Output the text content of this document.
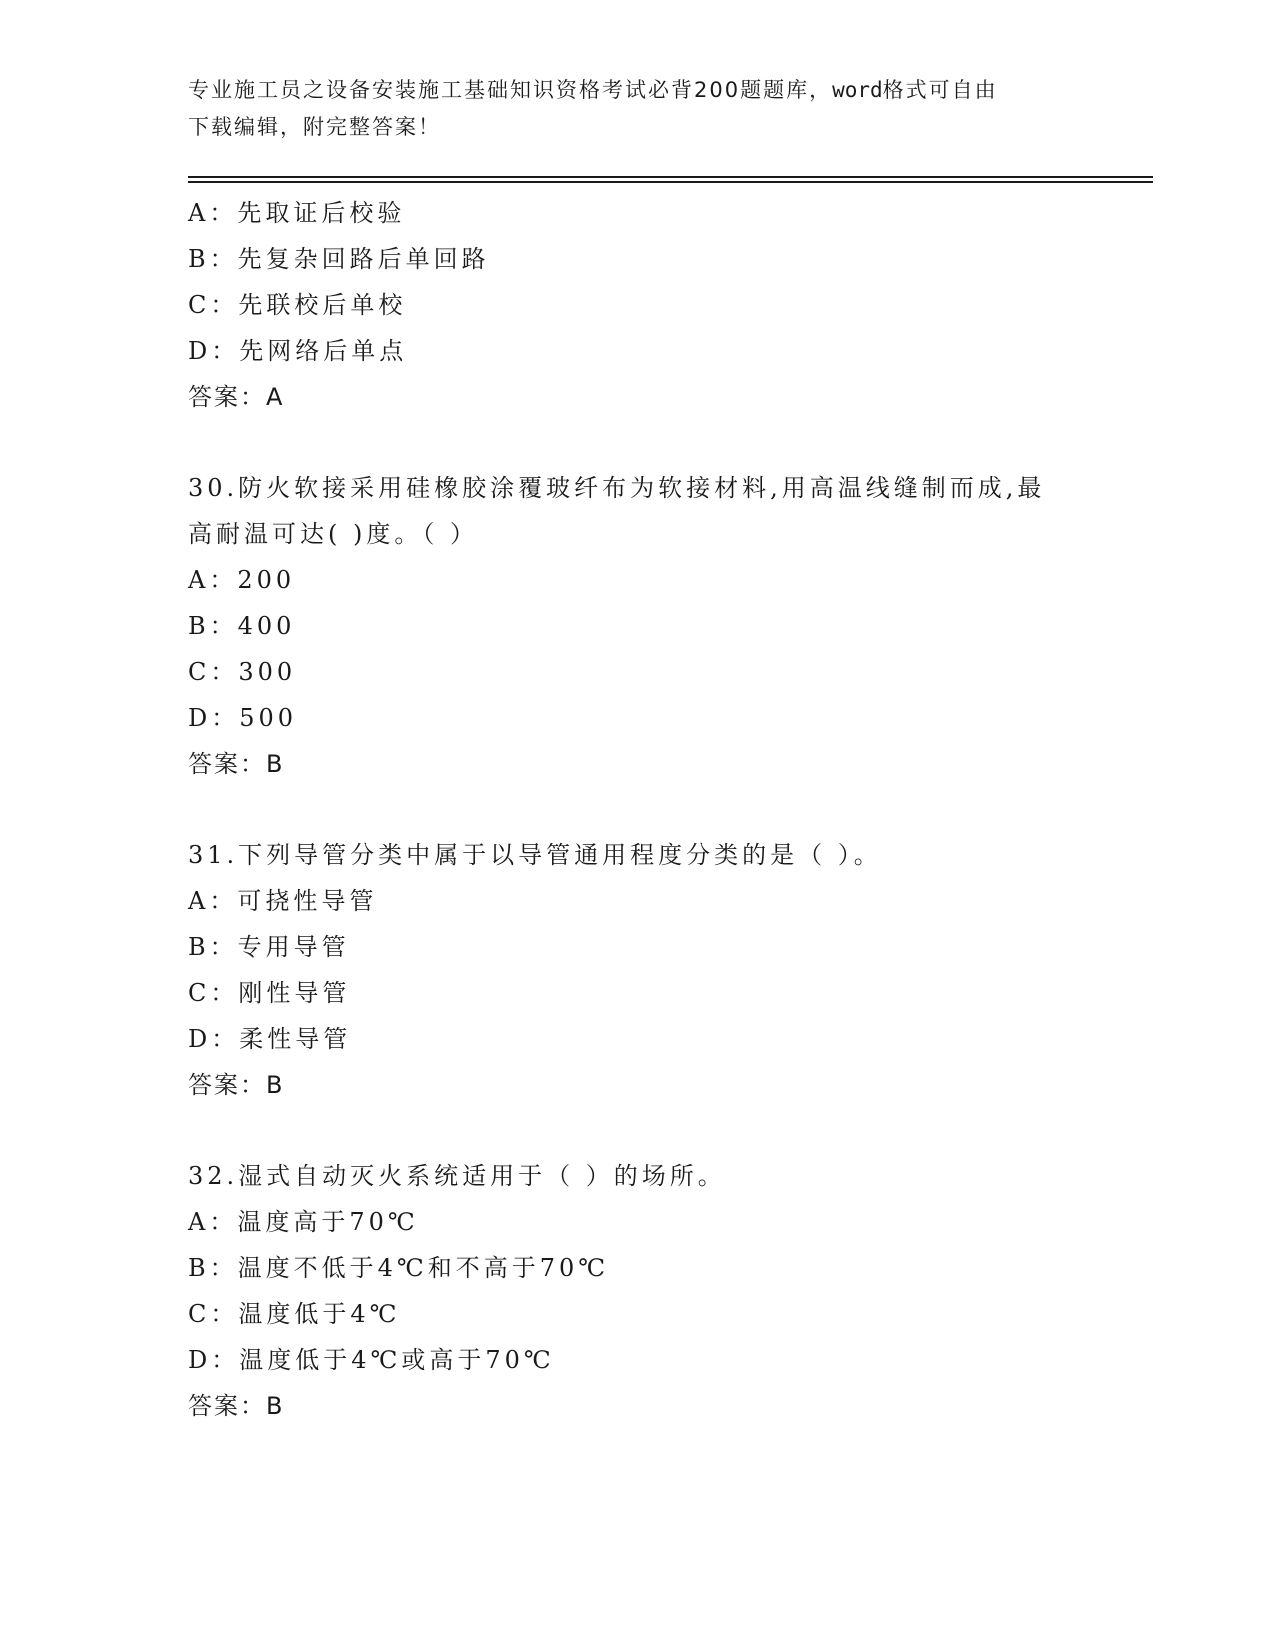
专业施工员之设备安装施工基础知识资格考试必背200题题库，word格式可自由
下载编辑，附完整答案！
A：先取证后校验
B：先复杂回路后单回路
C：先联校后单校
D：先网络后单点
答案：A
30.防火软接采用硅橡胶涂覆玻纤布为软接材料,用高温线缝制而成,最
高耐温可达( )度。（ ）
A：200
B：400
C：300
D：500
答案：B
31.下列导管分类中属于以导管通用程度分类的是（ ）。
A：可挠性导管
B：专用导管
C：刚性导管
D：柔性导管
答案：B
32.湿式自动灭火系统适用于（ ）的场所。
A：温度高于70℃
B：温度不低于4℃和不高于70℃
C：温度低于4℃
D：温度低于4℃或高于70℃
答案：B
